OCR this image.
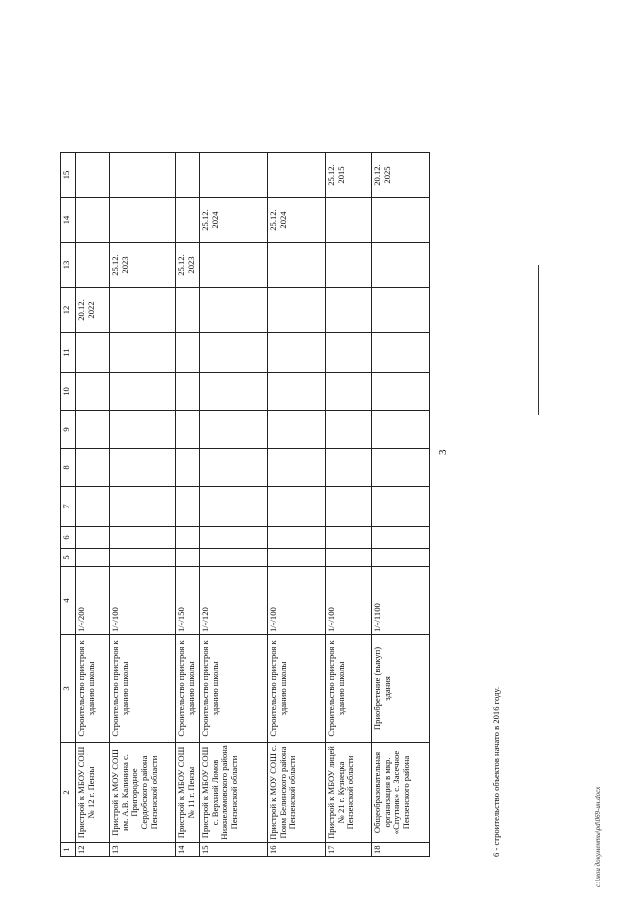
3
1	2	3	4	5	6	7	8	9	10	11	12	13	14	15
12	Пристрой к МБОУ СОШ № 12 г. Пензы	Строительство пристроя к зданию школы	1/-/200								20.12. 2022			
13	Пристрой к МОУ СОШ им. А.В. Калинина с. Пригородное Сердобского района Пензенской области	Строительство пристроя к зданию школы	1/-/100									25.12. 2023		
14	Пристрой к МБОУ СОШ № 11 г. Пензы	Строительство пристроя к зданию школы	1/-/150									25.12. 2023		
15	Пристрой к МБОУ СОШ с. Верхний Ломов Нижнеломовского района Пензенской области	Строительство пристроя к зданию школы	1/-/120										25.12. 2024	
16	Пристрой к МОУ СОШ с. Поим Белинского района Пензенской области	Строительство пристроя к зданию школы	1/-/100										25.12. 2024	
17	Пристрой к МБОУ лицей № 21 г. Кузнецка Пензенской области	Строительство пристроя к зданию школы	1/-/100											25.12. 2015
18	Общеобразовательная организация в мкр. «Спутник» с. Засечное Пензенского района	Приобретение (выкуп) здания	1/-/1100											20.12. 2025
6 - строительство объектов начато в 2016 году.	c:\мои документы\pd\069-ин.docx
